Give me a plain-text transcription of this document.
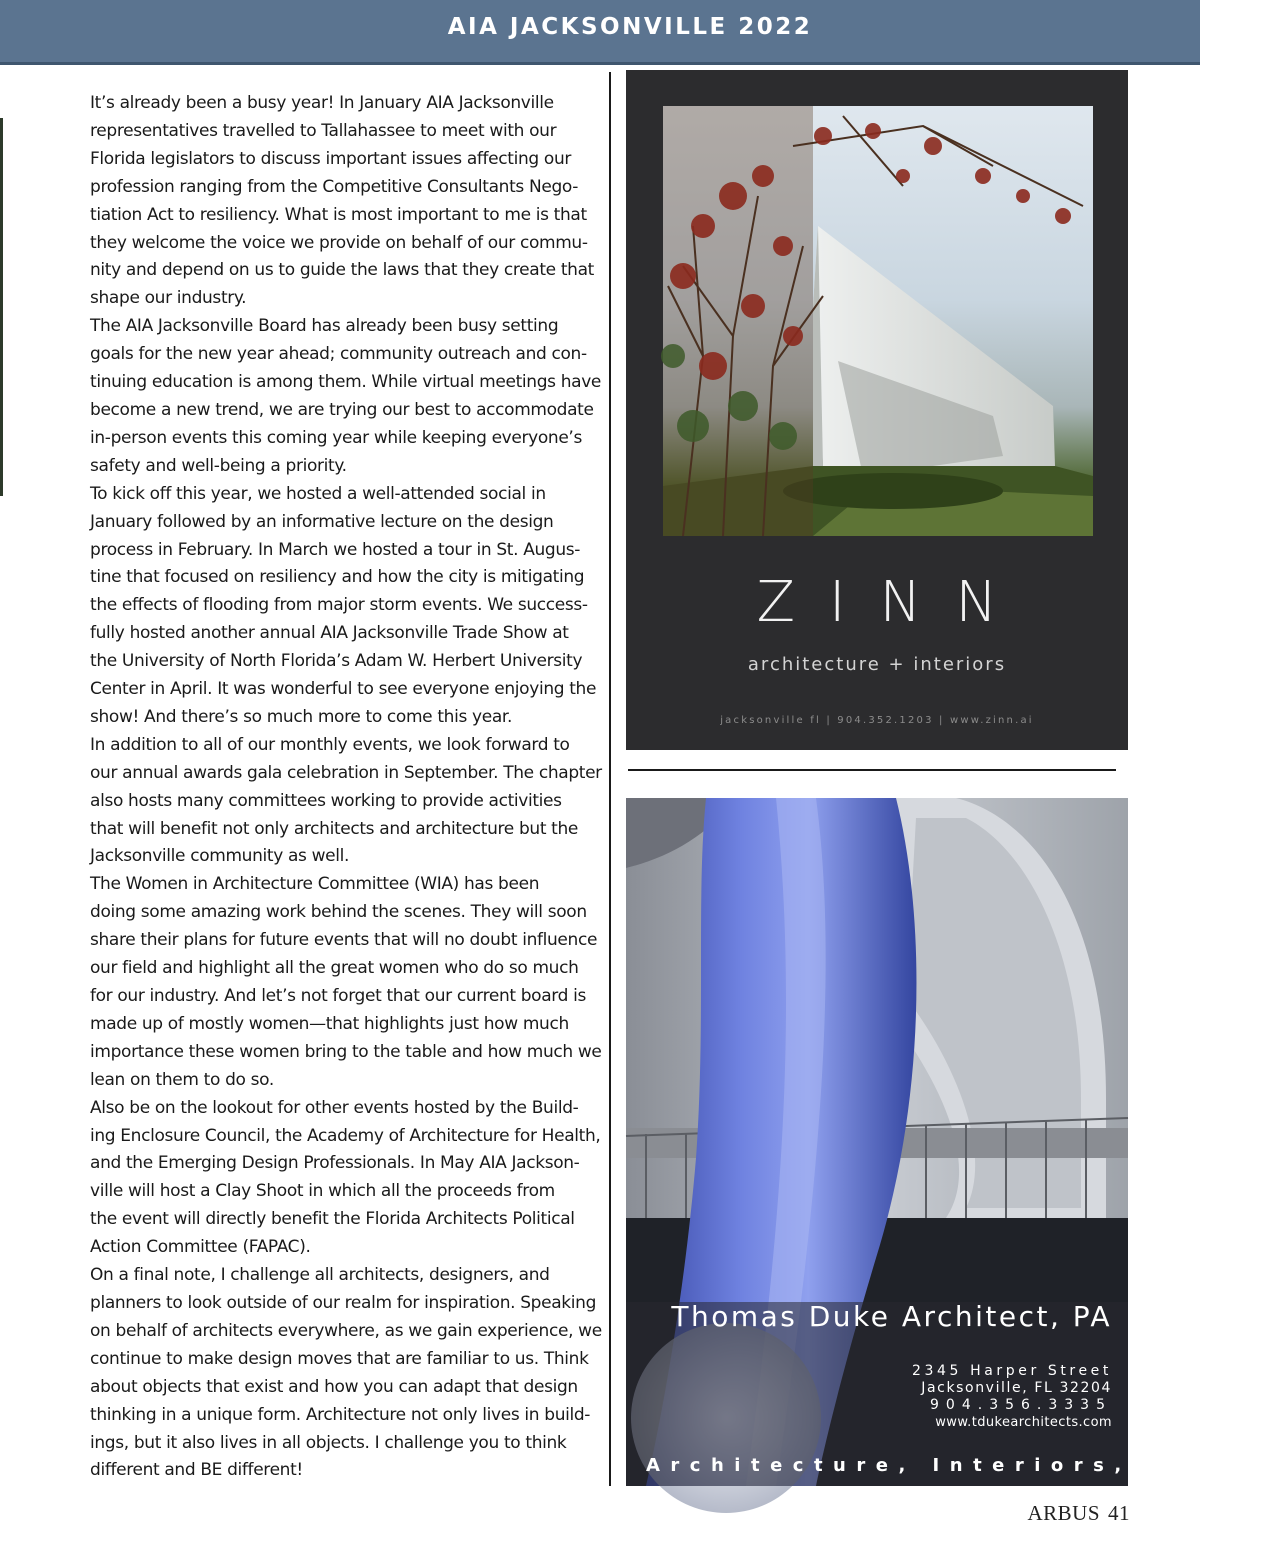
AIA JACKSONVILLE 2022

It’s already been a busy year! In January AIA Jacksonville
representatives travelled to Tallahassee to meet with our
Florida legislators to discuss important issues affecting our
profession ranging from the Competitive Consultants Nego-
tiation Act to resiliency. What is most important to me is that
they welcome the voice we provide on behalf of our commu-
nity and depend on us to guide the laws that they create that
shape our industry.

The AIA Jacksonville Board has already been busy setting
goals for the new year ahead; community outreach and con-
tinuing education is among them. While virtual meetings have
become a new trend, we are trying our best to accommodate
in-person events this coming year while keeping everyone’s
safety and well-being a priority.

To kick off this year, we hosted a well-attended social in
January followed by an informative lecture on the design
process in February. In March we hosted a tour in St. Augus-
tine that focused on resiliency and how the city is mitigating
the effects of flooding from major storm events. We success-
fully hosted another annual AIA Jacksonville Trade Show at
the University of North Florida’s Adam W. Herbert University
Center in April. It was wonderful to see everyone enjoying the
show! And there’s so much more to come this year.

In addition to all of our monthly events, we look forward to
our annual awards gala celebration in September. The chapter
also hosts many committees working to provide activities
that will benefit not only architects and architecture but the
Jacksonville community as well.

The Women in Architecture Committee (WIA) has been
doing some amazing work behind the scenes. They will soon
share their plans for future events that will no doubt influence
our field and highlight all the great women who do so much
for our industry. And let’s not forget that our current board is
made up of mostly women—that highlights just how much
importance these women bring to the table and how much we
lean on them to do so.

Also be on the lookout for other events hosted by the Build-
ing Enclosure Council, the Academy of Architecture for Health,
and the Emerging Design Professionals. In May AIA Jackson-
ville will host a Clay Shoot in which all the proceeds from
the event will directly benefit the Florida Architects Political
Action Committee (FAPAC).

On a final note, I challenge all architects, designers, and
planners to look outside of our realm for inspiration. Speaking
on behalf of architects everywhere, as we gain experience, we
continue to make design moves that are familiar to us. Think
about objects that exist and how you can adapt that design
thinking in a unique form. Architecture not only lives in build-
ings, but it also lives in all objects. I challenge you to think
different and BE different!

ZINN
architecture + interiors
jacksonville fl | 904.352.1203 | www.zinn.ai
Thomas Duke Architect, PA
2345 Harper Street
Jacksonville, FL 32204
904.356.3335
www.tdukearchitects.com
Architecture, Interiors, Design
ARBUS 41
